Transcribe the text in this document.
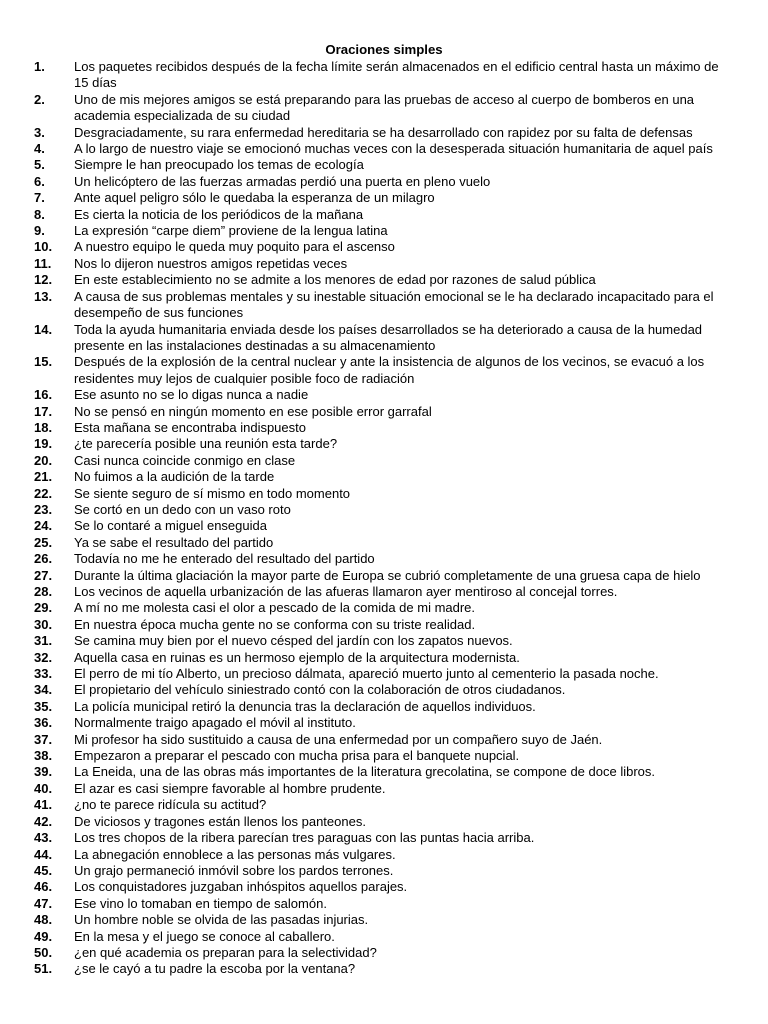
Oraciones simples
1.	Los paquetes recibidos después de la fecha límite serán almacenados en el edificio central hasta un máximo de 15 días
2.	Uno de mis mejores amigos se está preparando para las pruebas de acceso al cuerpo de bomberos en una academia especializada de su ciudad
3.	Desgraciadamente, su rara enfermedad hereditaria se ha desarrollado con rapidez por su falta de defensas
4.	A lo largo de nuestro viaje se emocionó muchas veces con la desesperada situación humanitaria de aquel país
5.	Siempre le han preocupado los temas de ecología
6.	Un helicóptero de las fuerzas armadas perdió una puerta en pleno vuelo
7.	Ante aquel peligro sólo le quedaba la esperanza de un milagro
8.	Es cierta la noticia de los periódicos de la mañana
9.	La expresión “carpe diem” proviene de la lengua latina
10.	A nuestro equipo le queda muy poquito para el ascenso
11.	Nos lo dijeron nuestros amigos repetidas veces
12.	En este establecimiento no se admite a los menores de edad por razones de salud pública
13.	A causa de sus problemas mentales y su inestable situación emocional se le ha declarado incapacitado para el desempeño de sus funciones
14.	Toda la ayuda humanitaria enviada desde los países desarrollados se ha deteriorado a causa de la humedad presente en las instalaciones destinadas a su almacenamiento
15.	Después de la explosión de la central nuclear y ante la insistencia de algunos de los vecinos, se evacuó a los residentes muy lejos de cualquier posible foco de radiación
16.	Ese asunto no se lo digas nunca a nadie
17.	No se pensó en ningún momento en ese posible error garrafal
18.	Esta mañana se encontraba indispuesto
19.	¿te parecería posible una reunión esta tarde?
20.	Casi nunca coincide conmigo en clase
21.	No fuimos a la audición de la tarde
22.	Se siente seguro de sí mismo en todo momento
23.	Se cortó en un dedo con un vaso roto
24.	Se lo contaré a miguel enseguida
25.	Ya se sabe el resultado del partido
26.	Todavía no me he enterado del resultado del partido
27.	Durante la última glaciación la mayor parte de Europa se cubrió completamente de una gruesa capa de hielo
28.	Los vecinos de aquella urbanización de las afueras llamaron ayer mentiroso al concejal torres.
29.	A mí no me molesta casi el olor a pescado de la comida de mi madre.
30.	En nuestra época mucha gente no se conforma con su triste realidad.
31.	Se camina muy bien por el nuevo césped del jardín con los zapatos nuevos.
32.	Aquella casa en ruinas es un hermoso ejemplo de la arquitectura modernista.
33.	El perro de mi tío Alberto, un precioso dálmata, apareció muerto junto al cementerio la pasada noche.
34.	El propietario del vehículo siniestrado contó con la colaboración de otros ciudadanos.
35.	La policía municipal retiró la denuncia tras la declaración de aquellos individuos.
36.	Normalmente traigo apagado el móvil al instituto.
37.	Mi profesor ha sido sustituido a causa de una enfermedad por un compañero suyo de Jaén.
38.	Empezaron a preparar el pescado con mucha prisa para el banquete nupcial.
39.	La Eneida, una de las obras más importantes de la literatura grecolatina, se compone de doce libros.
40.	El azar es casi siempre favorable al hombre prudente.
41.	¿no te parece ridícula su actitud?
42.	De viciosos y tragones están llenos los panteones.
43.	Los tres chopos de la ribera parecían tres paraguas con las puntas hacia arriba.
44.	La abnegación ennoblece a las personas más vulgares.
45.	Un grajo permaneció inmóvil sobre los pardos terrones.
46.	Los conquistadores juzgaban inhóspitos aquellos parajes.
47.	Ese vino lo tomaban en tiempo de salomón.
48.	Un hombre noble se olvida de las pasadas injurias.
49.	En la mesa y el juego se conoce al caballero.
50.	¿en qué academia os preparan para la selectividad?
51.	¿se le cayó a tu padre la escoba por la ventana?
